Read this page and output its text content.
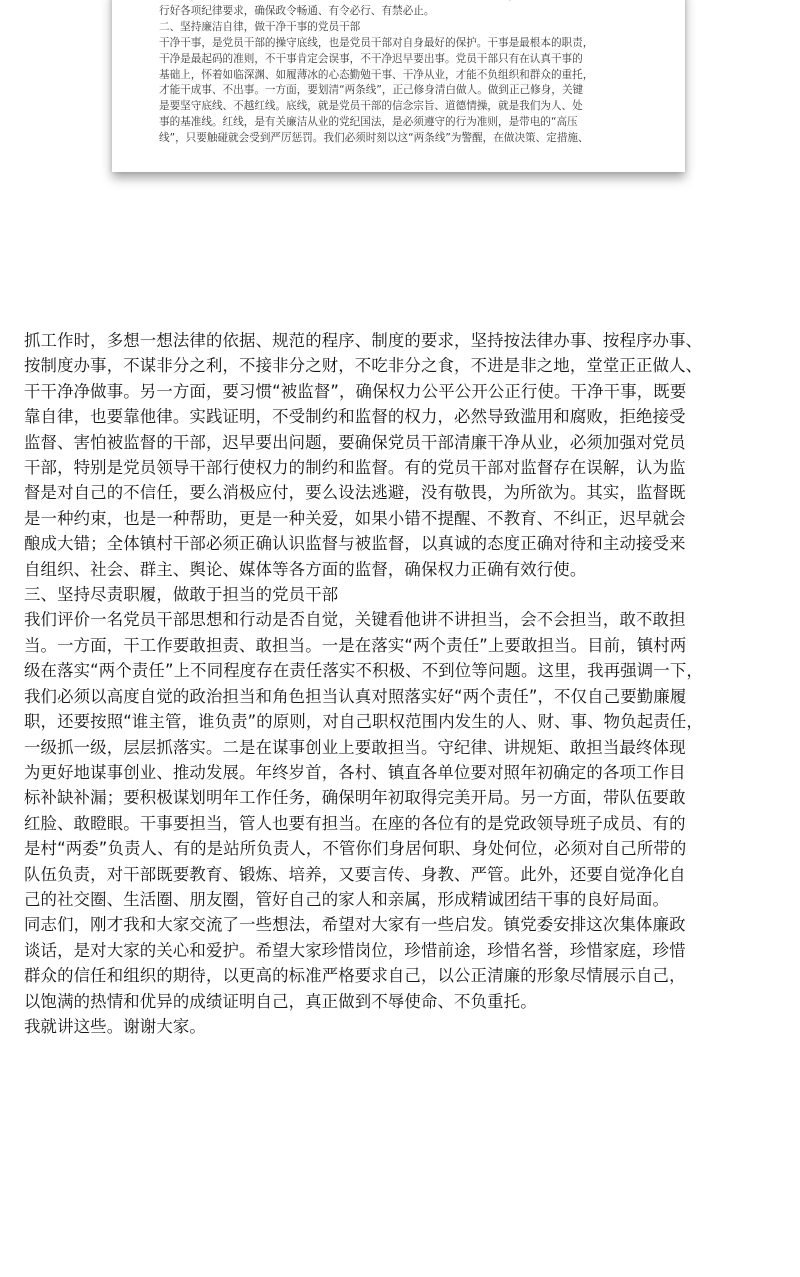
行好各项纪律要求，确保政令畅通、有令必行、有禁必止。

二、坚持廉洁自律，做干净干事的党员干部

干净干事，是党员干部的操守底线，也是党员干部对自身最好的保护。干事是最根本的职责，

干净是最起码的准则，不干事肯定会误事，不干净迟早要出事。党员干部只有在认真干事的

基础上，怀着如临深渊、如履薄冰的心态勤勉干事、干净从业，才能不负组织和群众的重托，

才能干成事、不出事。一方面，要划清“两条线”，正己修身清白做人。做到正己修身，关键

是要坚守底线、不越红线。底线，就是党员干部的信念宗旨、道德情操，就是我们为人、处

事的基准线。红线，是有关廉洁从业的党纪国法，是必须遵守的行为准则，是带电的“高压

线”，只要触碰就会受到严厉惩罚。我们必须时刻以这“两条线”为警醒，在做决策、定措施、

抓工作时，多想一想法律的依据、规范的程序、制度的要求，坚持按法律办事、按程序办事、

按制度办事，不谋非分之利，不接非分之财，不吃非分之食，不进是非之地，堂堂正正做人、

干干净净做事。另一方面，要习惯“被监督”，确保权力公平公开公正行使。干净干事，既要

靠自律，也要靠他律。实践证明，不受制约和监督的权力，必然导致滥用和腐败，拒绝接受

监督、害怕被监督的干部，迟早要出问题，要确保党员干部清廉干净从业，必须加强对党员

干部，特别是党员领导干部行使权力的制约和监督。有的党员干部对监督存在误解，认为监

督是对自己的不信任，要么消极应付，要么设法逃避，没有敬畏，为所欲为。其实，监督既

是一种约束，也是一种帮助，更是一种关爱，如果小错不提醒、不教育、不纠正，迟早就会

酿成大错；全体镇村干部必须正确认识监督与被监督，以真诚的态度正确对待和主动接受来

自组织、社会、群主、舆论、媒体等各方面的监督，确保权力正确有效行使。

三、坚持尽责职履，做敢于担当的党员干部

我们评价一名党员干部思想和行动是否自觉，关键看他讲不讲担当，会不会担当，敢不敢担

当。一方面，干工作要敢担责、敢担当。一是在落实“两个责任”上要敢担当。目前，镇村两

级在落实“两个责任”上不同程度存在责任落实不积极、不到位等问题。这里，我再强调一下，

我们必须以高度自觉的政治担当和角色担当认真对照落实好“两个责任”，不仅自己要勤廉履

职，还要按照“谁主管，谁负责”的原则，对自己职权范围内发生的人、财、事、物负起责任，

一级抓一级，层层抓落实。二是在谋事创业上要敢担当。守纪律、讲规矩、敢担当最终体现

为更好地谋事创业、推动发展。年终岁首，各村、镇直各单位要对照年初确定的各项工作目

标补缺补漏；要积极谋划明年工作任务，确保明年初取得完美开局。另一方面，带队伍要敢

红脸、敢瞪眼。干事要担当，管人也要有担当。在座的各位有的是党政领导班子成员、有的

是村“两委”负责人、有的是站所负责人，不管你们身居何职、身处何位，必须对自己所带的

队伍负责，对干部既要教育、锻炼、培养，又要言传、身教、严管。此外，还要自觉净化自

己的社交圈、生活圈、朋友圈，管好自己的家人和亲属，形成精诚团结干事的良好局面。

同志们，刚才我和大家交流了一些想法，希望对大家有一些启发。镇党委安排这次集体廉政

谈话，是对大家的关心和爱护。希望大家珍惜岗位，珍惜前途，珍惜名誉，珍惜家庭，珍惜

群众的信任和组织的期待，以更高的标准严格要求自己，以公正清廉的形象尽情展示自己，

以饱满的热情和优异的成绩证明自己，真正做到不辱使命、不负重托。

我就讲这些。谢谢大家。
